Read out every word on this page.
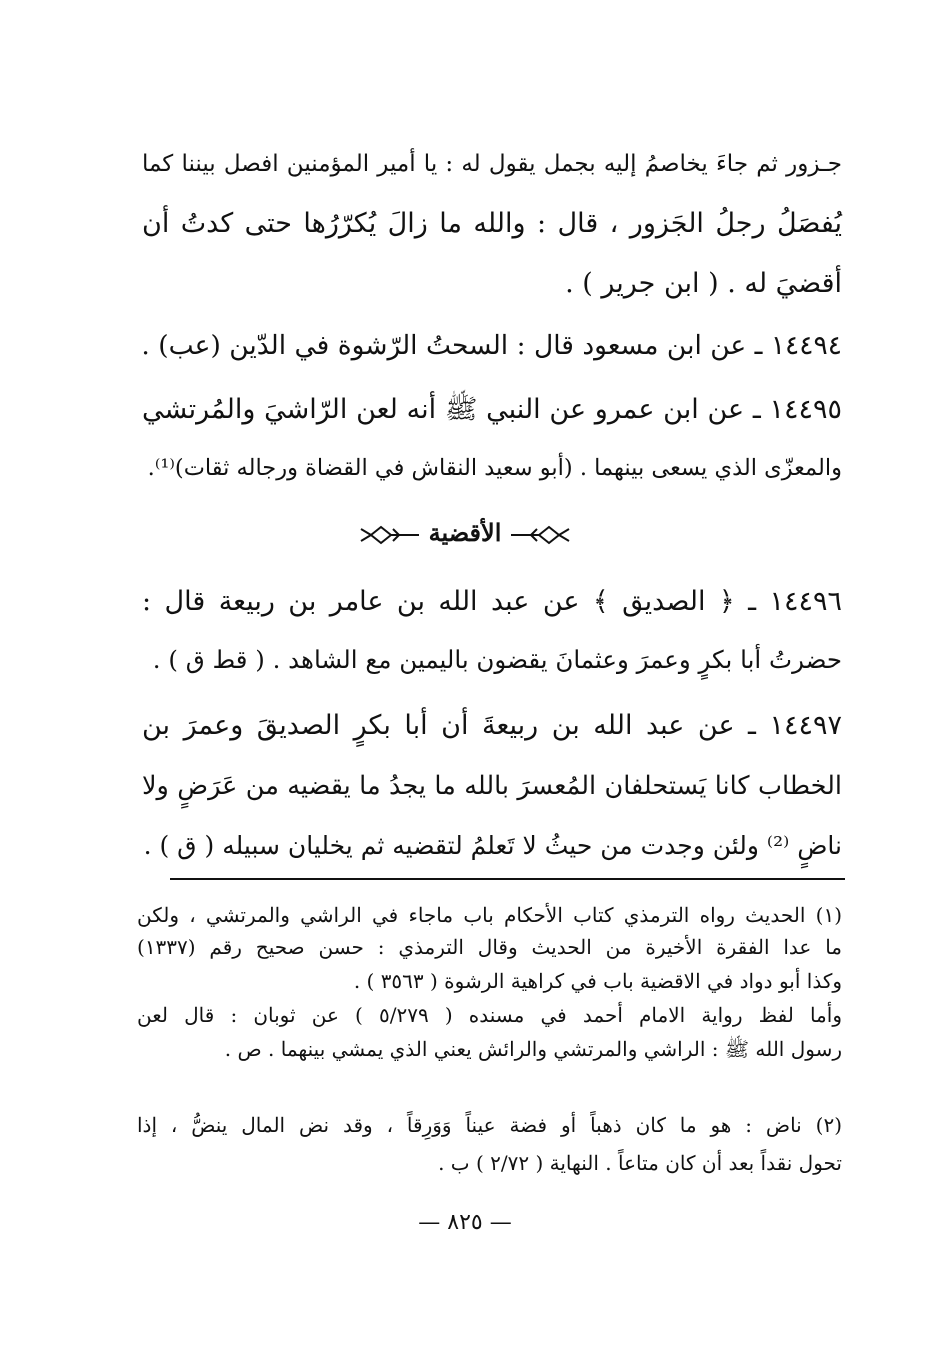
جـزور ثم جاءَ يخاصمُ إليه بجمل يقول له : يا أمير المؤمنين افصل بيننا كما
يُفصَلُ رجلُ الجَزور ، قال : والله ما زالَ يُكرّرُها حتى كدتُ أن
أقضيَ له . ( ابن جرير ) .
١٤٤٩٤ ـ عن ابن مسعود قال : السحتُ الرّشوة في الدّين (عب) .
١٤٤٩٥ ـ عن ابن عمرو عن النبي ﷺ أنه لعن الرّاشيَ والمُرتشي
والمعزّى الذي يسعى بينهما . (أبو سعيد النقاش في القضاة ورجاله ثقات)⁽¹⁾.
الأقضية
١٤٤٩٦ ـ ﴿ الصديق ﴾ عن عبد الله بن عامر بن ربيعة قال :
حضرتُ أبا بكرٍ وعمرَ وعثمانَ يقضون باليمين مع الشاهد . ( قط ق ) .
١٤٤٩٧ ـ عن عبد الله بن ربيعةَ أن أبا بكرٍ الصديقَ وعمرَ بن
الخطاب كانا يَستحلفان المُعسرَ بالله ما يجدُ ما يقضيه من عَرَضٍ ولا
ناضٍ ⁽²⁾ ولئن وجدت من حيثُ لا تَعلمُ لتقضيه ثم يخليان سبيله ( ق ) .
(١) الحديث رواه الترمذي كتاب الأحكام باب ماجاء في الراشي والمرتشي ، ولكن
ما عدا الفقرة الأخيرة من الحديث وقال الترمذي : حسن صحيح رقم (١٣٣٧)
وكذا أبو دواد في الاقضية باب في كراهية الرشوة ( ٣٥٦٣ ) .
وأما لفظ رواية الامام أحمد في مسنده ( ٥/٢٧٩ ) عن ثوبان : قال لعن
رسول الله ﷺ : الراشي والمرتشي والرائش يعني الذي يمشي بينهما . ص .
(٢) ناض : هو ما كان ذهباً أو فضة عيناً وَوَرِقاً ، وقد نض المال ينضُّ ، إذا
تحول نقداً بعد أن كان متاعاً . النهاية ( ٢/٧٢ ) ب .
— ٨٢٥ —
